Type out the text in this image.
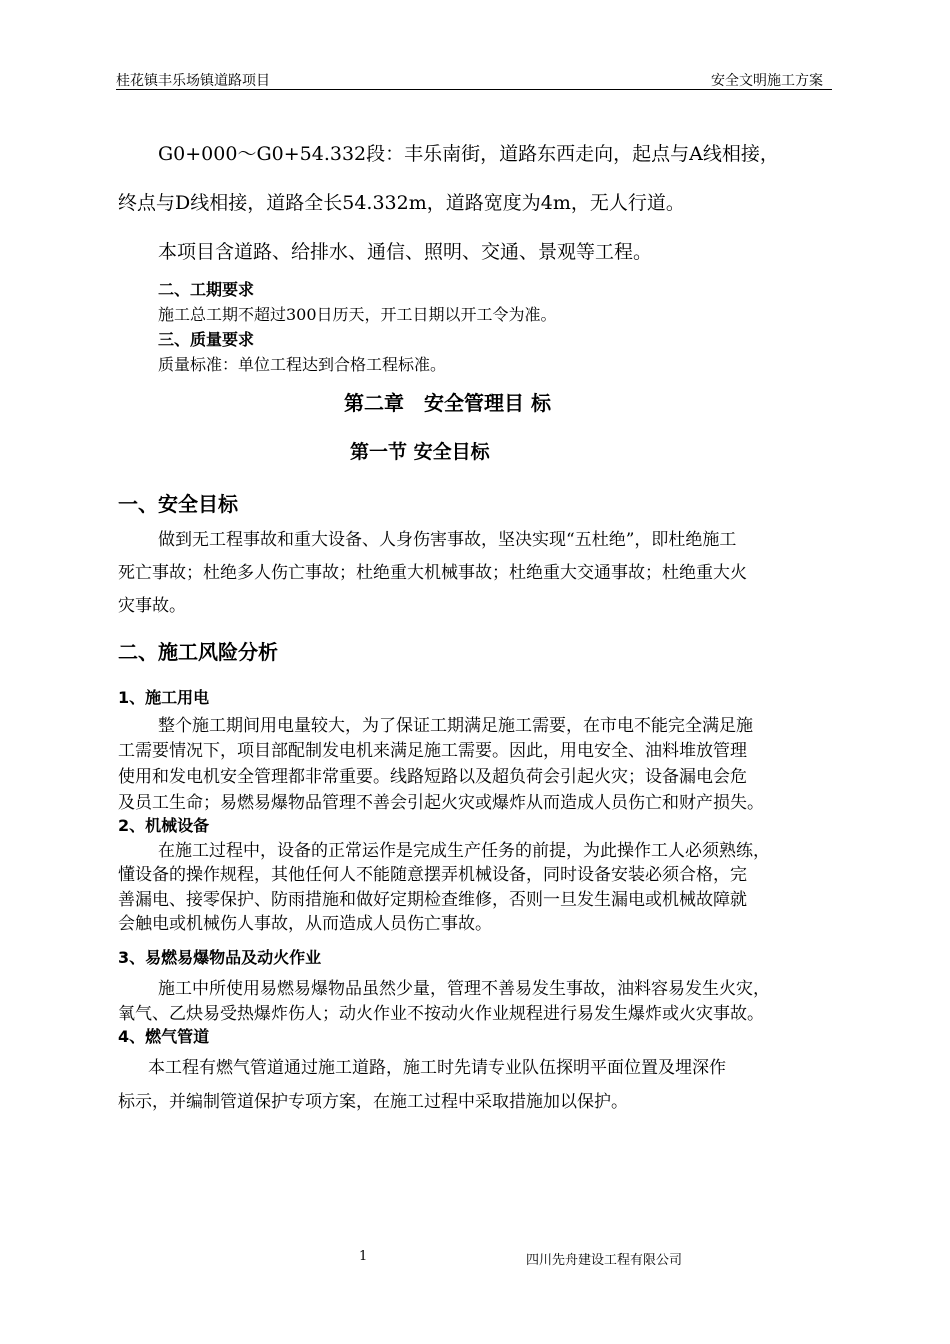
桂花镇丰乐场镇道路项目	安全文明施工方案
G0+000～G0+54.332段：丰乐南街，道路东西走向，起点与A线相接，
终点与D线相接，道路全长54.332m，道路宽度为4m，无人行道。
本项目含道路、给排水、通信、照明、交通、景观等工程。
二、工期要求
施工总工期不超过300日历天，开工日期以开工令为准。
三、质量要求
质量标准：单位工程达到合格工程标准。
第二章　安全管理目 标
第一节 安全目标
一、安全目标
做到无工程事故和重大设备、人身伤害事故，坚决实现“五杜绝”，即杜绝施工
死亡事故；杜绝多人伤亡事故；杜绝重大机械事故；杜绝重大交通事故；杜绝重大火
灾事故。
二、施工风险分析
1、施工用电
整个施工期间用电量较大，为了保证工期满足施工需要，在市电不能完全满足施
工需要情况下，项目部配制发电机来满足施工需要。因此，用电安全、油料堆放管理
使用和发电机安全管理都非常重要。线路短路以及超负荷会引起火灾；设备漏电会危
及员工生命；易燃易爆物品管理不善会引起火灾或爆炸从而造成人员伤亡和财产损失。
2、机械设备
在施工过程中，设备的正常运作是完成生产任务的前提，为此操作工人必须熟练，
懂设备的操作规程，其他任何人不能随意摆弄机械设备，同时设备安装必须合格，完
善漏电、接零保护、防雨措施和做好定期检查维修，否则一旦发生漏电或机械故障就
会触电或机械伤人事故，从而造成人员伤亡事故。
3、易燃易爆物品及动火作业
施工中所使用易燃易爆物品虽然少量，管理不善易发生事故，油料容易发生火灾，
氧气、乙炔易受热爆炸伤人；动火作业不按动火作业规程进行易发生爆炸或火灾事故。
4、燃气管道
本工程有燃气管道通过施工道路，施工时先请专业队伍探明平面位置及埋深作
标示，并编制管道保护专项方案，在施工过程中采取措施加以保护。
1	四川先舟建设工程有限公司
